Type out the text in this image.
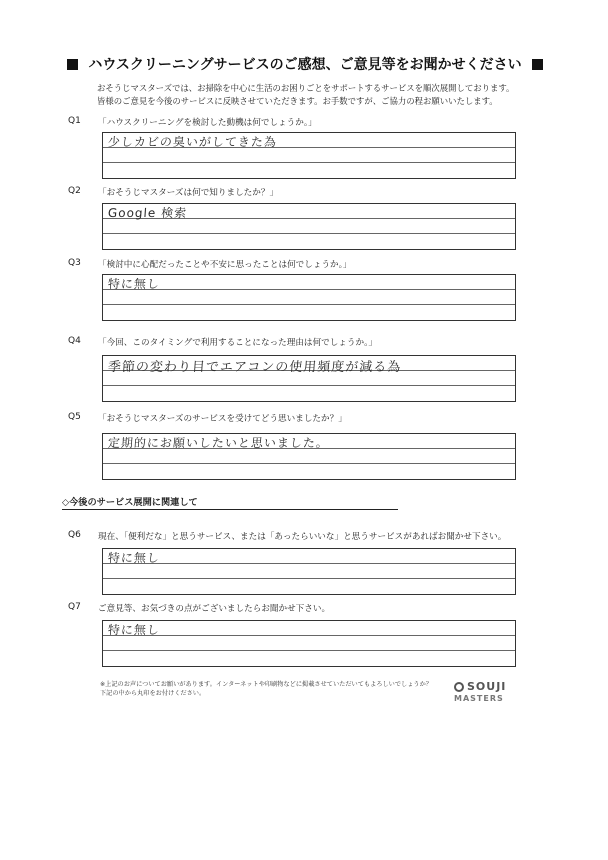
ハウスクリーニングサービスのご感想、ご意見等をお聞かせください
おそうじマスターズでは、お掃除を中心に生活のお困りごとをサポートするサービスを順次展開しております。
皆様のご意見を今後のサービスに反映させていただきます。お手数ですが、ご協力の程お願いいたします。
Q1 「ハウスクリーニングを検討した動機は何でしょうか。」
少しカビの臭いがしてきた為
Q2 「おそうじマスターズは何で知りましたか？」
Google 検索
Q3 「検討中に心配だったことや不安に思ったことは何でしょうか。」
特に無し
Q4 「今回、このタイミングで利用することになった理由は何でしょうか。」
季節の変わり目でエアコンの使用頻度が減る為
Q5 「おそうじマスターズのサービスを受けてどう思いましたか？」
定期的にお願いしたいと思いました。
◇今後のサービス展開に関連して
Q6 現在、「便利だな」と思うサービス、または「あったらいいな」と思うサービスがあればお聞かせ下さい。
特に無し
Q7 ご意見等、お気づきの点がございましたらお聞かせ下さい。
特に無し
※上記のお声についてお願いがあります。インターネットや印刷物などに掲載させていただいてもよろしいでしょうか？
下記の中から丸印をお付けください。
SOUJI
MASTERS
